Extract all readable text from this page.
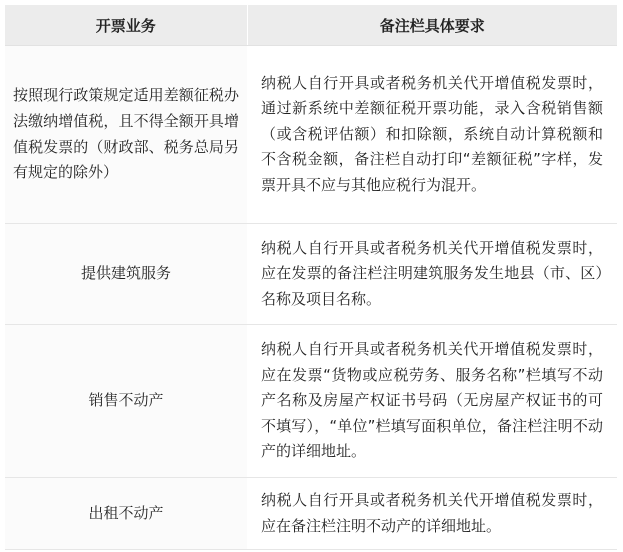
开票业务	备注栏具体要求
按照现行政策规定适用差额征税办法缴纳增值税，且不得全额开具增值税发票的（财政部、税务总局另有规定的除外）	纳税人自行开具或者税务机关代开增值税发票时，通过新系统中差额征税开票功能，录入含税销售额（或含税评估额）和扣除额，系统自动计算税额和不含税金额，备注栏自动打印“差额征税”字样，发票开具不应与其他应税行为混开。
提供建筑服务	纳税人自行开具或者税务机关代开增值税发票时，应在发票的备注栏注明建筑服务发生地县（市、区）名称及项目名称。
销售不动产	纳税人自行开具或者税务机关代开增值税发票时，应在发票“货物或应税劳务、服务名称”栏填写不动产名称及房屋产权证书号码（无房屋产权证书的可不填写），“单位”栏填写面积单位，备注栏注明不动产的详细地址。
出租不动产	纳税人自行开具或者税务机关代开增值税发票时，应在备注栏注明不动产的详细地址。
